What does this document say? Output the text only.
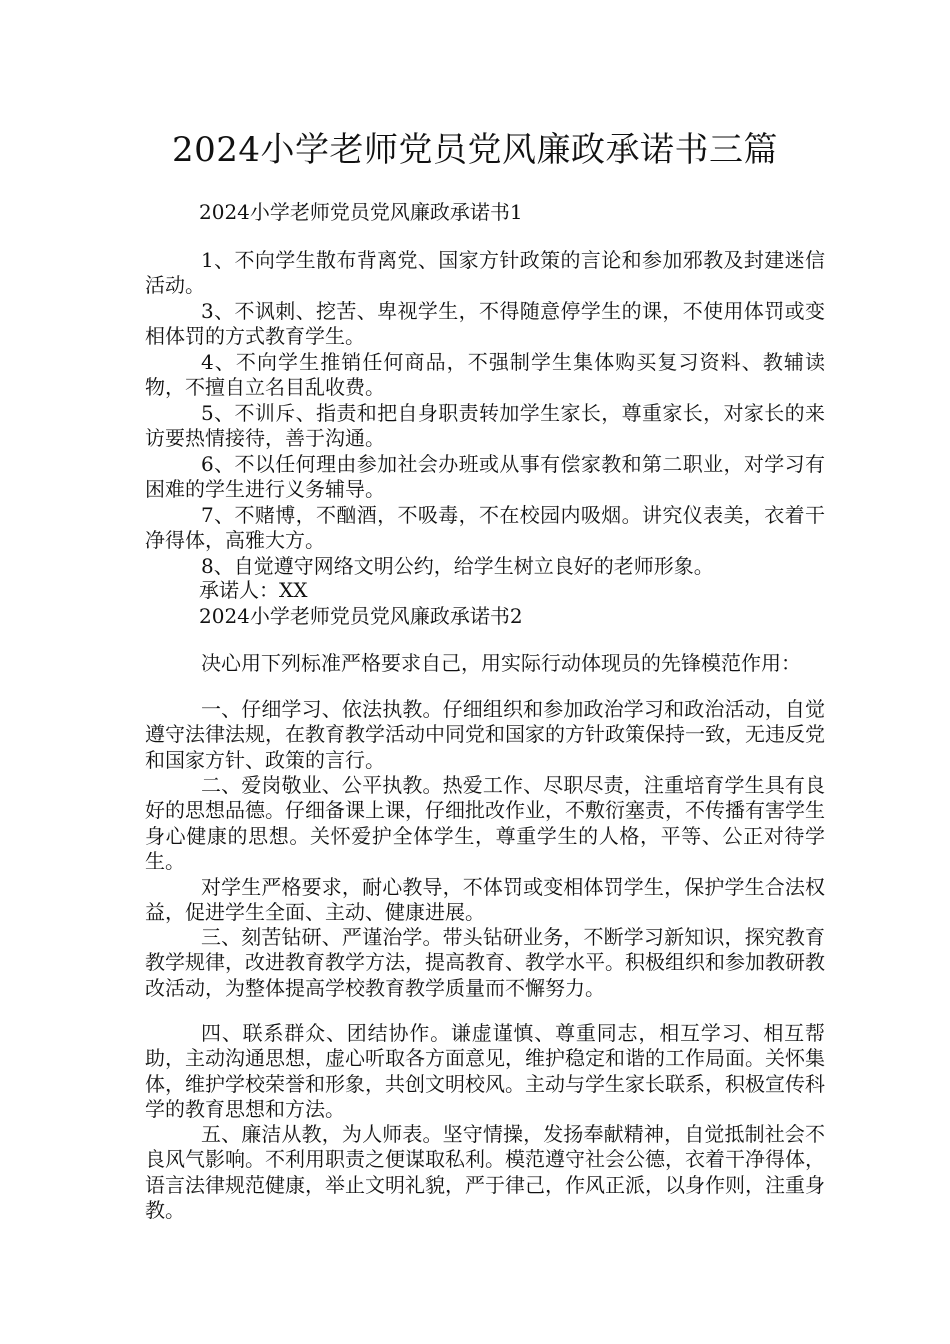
2024小学老师党员党风廉政承诺书三篇
2024小学老师党员党风廉政承诺书1

1、不向学生散布背离党、国家方针政策的言论和参加邪教及封建迷信活动。

3、不讽刺、挖苦、卑视学生，不得随意停学生的课，不使用体罚或变相体罚的方式教育学生。

4、不向学生推销任何商品，不强制学生集体购买复习资料、教辅读物，不擅自立名目乱收费。

5、不训斥、指责和把自身职责转加学生家长，尊重家长，对家长的来访要热情接待，善于沟通。

6、不以任何理由参加社会办班或从事有偿家教和第二职业，对学习有困难的学生进行义务辅导。

7、不赌博，不酗酒，不吸毒，不在校园内吸烟。讲究仪表美，衣着干净得体，高雅大方。

8、自觉遵守网络文明公约，给学生树立良好的老师形象。

承诺人：XX
2024小学老师党员党风廉政承诺书2

决心用下列标准严格要求自己，用实际行动体现员的先锋模范作用：

一、仔细学习、依法执教。仔细组织和参加政治学习和政治活动，自觉遵守法律法规，在教育教学活动中同党和国家的方针政策保持一致，无违反党和国家方针、政策的言行。

二、爱岗敬业、公平执教。热爱工作、尽职尽责，注重培育学生具有良好的思想品德。仔细备课上课，仔细批改作业，不敷衍塞责，不传播有害学生身心健康的思想。关怀爱护全体学生，尊重学生的人格，平等、公正对待学生。

对学生严格要求，耐心教导，不体罚或变相体罚学生，保护学生合法权益，促进学生全面、主动、健康进展。

三、刻苦钻研、严谨治学。带头钻研业务，不断学习新知识，探究教育教学规律，改进教育教学方法，提高教育、教学水平。积极组织和参加教研教改活动，为整体提高学校教育教学质量而不懈努力。

四、联系群众、团结协作。谦虚谨慎、尊重同志，相互学习、相互帮助，主动沟通思想，虚心听取各方面意见，维护稳定和谐的工作局面。关怀集体，维护学校荣誉和形象，共创文明校风。主动与学生家长联系，积极宣传科学的教育思想和方法。

五、廉洁从教，为人师表。坚守情操，发扬奉献精神，自觉抵制社会不良风气影响。不利用职责之便谋取私利。模范遵守社会公德，衣着干净得体，语言法律规范健康，举止文明礼貌，严于律己，作风正派，以身作则，注重身教。
